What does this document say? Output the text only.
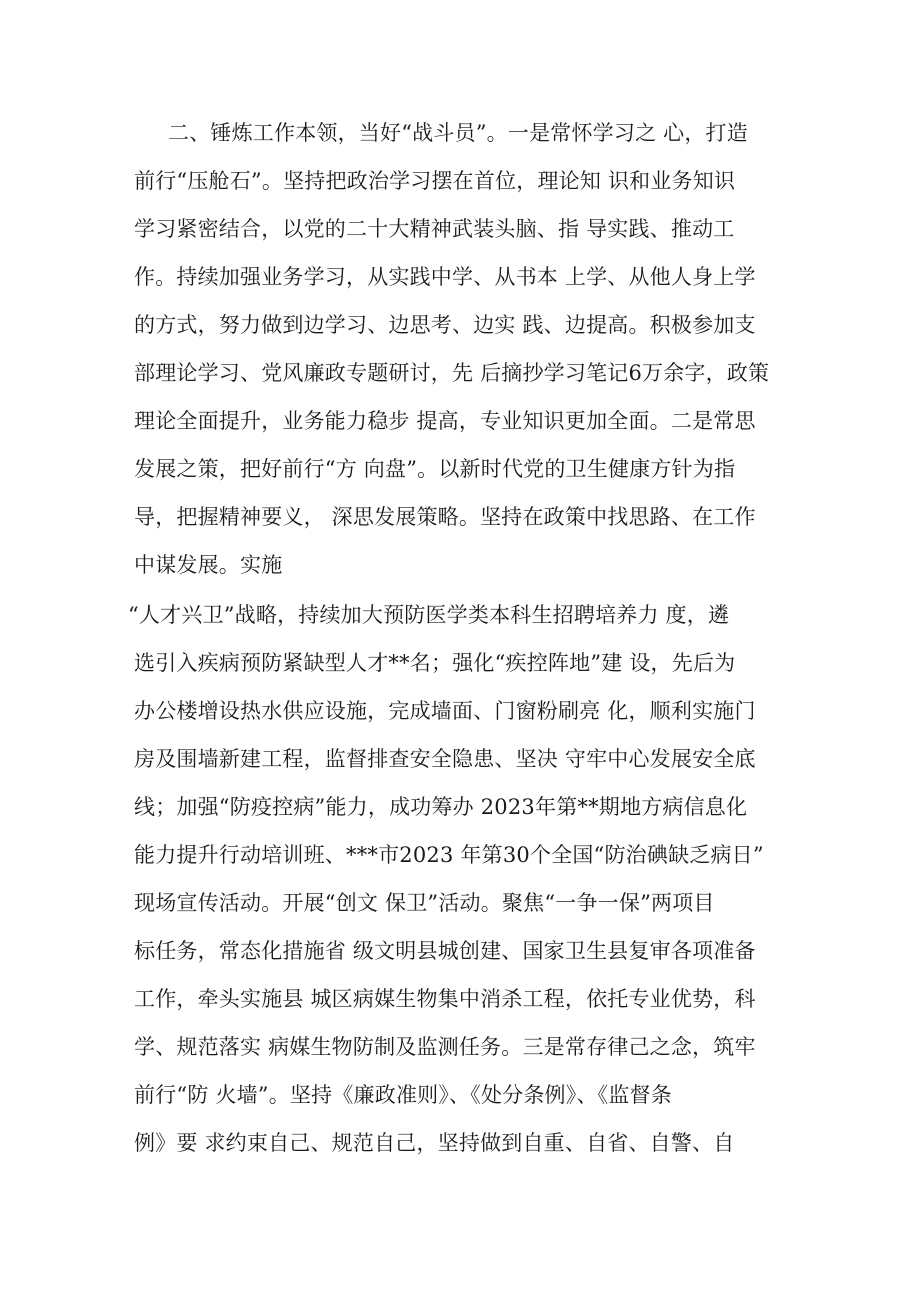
二、锤炼工作本领，当好“战斗员”。一是常怀学习之 心，打造
前行“压舱石”。坚持把政治学习摆在首位，理论知 识和业务知识
学习紧密结合，以党的二十大精神武装头脑、指 导实践、推动工
作。持续加强业务学习，从实践中学、从书本 上学、从他人身上学
的方式，努力做到边学习、边思考、边实 践、边提高。积极参加支
部理论学习、党风廉政专题研讨，先 后摘抄学习笔记6万余字，政策
理论全面提升，业务能力稳步 提高，专业知识更加全面。二是常思
发展之策，把好前行“方 向盘”。以新时代党的卫生健康方针为指
导，把握精神要义， 深思发展策略。坚持在政策中找思路、在工作
中谋发展。实施
“人才兴卫”战略，持续加大预防医学类本科生招聘培养力 度，遴
选引入疾病预防紧缺型人才**名；强化“疾控阵地”建 设，先后为
办公楼增设热水供应设施，完成墙面、门窗粉刷亮 化，顺利实施门
房及围墙新建工程，监督排查安全隐患、坚决 守牢中心发展安全底
线；加强“防疫控病”能力，成功筹办 2023年第**期地方病信息化
能力提升行动培训班、***市2023 年第30个全国“防治碘缺乏病日”
现场宣传活动。开展“创文 保卫”活动。聚焦“一争一保”两项目
标任务，常态化措施省 级文明县城创建、国家卫生县复审各项准备
工作，牵头实施县 城区病媒生物集中消杀工程，依托专业优势，科
学、规范落实 病媒生物防制及监测任务。三是常存律己之念，筑牢
前行“防 火墙”。坚持《廉政准则》、《处分条例》、《监督条
例》要 求约束自己、规范自己，坚持做到自重、自省、自警、自
